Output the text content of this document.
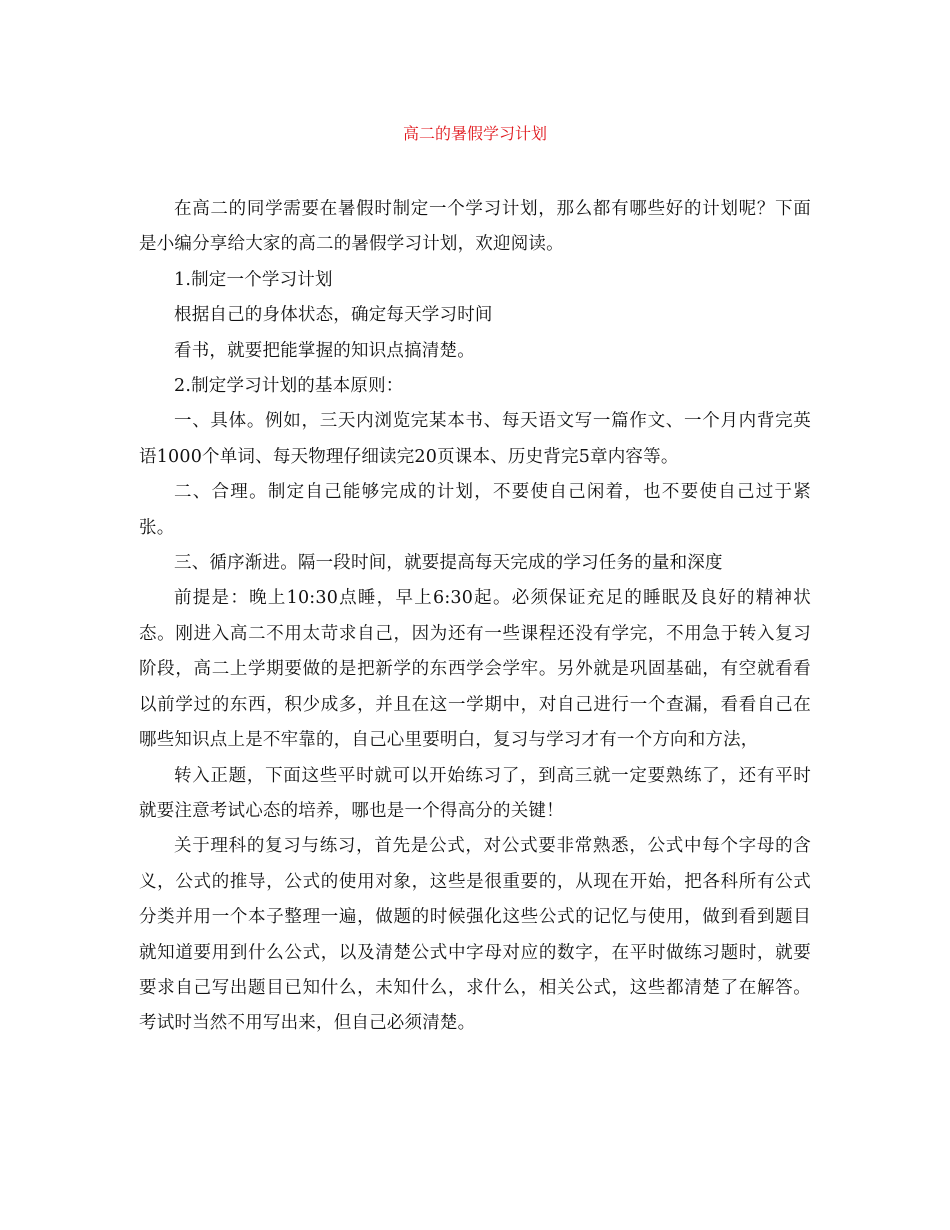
高二的暑假学习计划

在高二的同学需要在暑假时制定一个学习计划，那么都有哪些好的计划呢？下面是小编分享给大家的高二的暑假学习计划，欢迎阅读。

1.制定一个学习计划

根据自己的身体状态，确定每天学习时间

看书，就要把能掌握的知识点搞清楚。

2.制定学习计划的基本原则：

一、具体。例如，三天内浏览完某本书、每天语文写一篇作文、一个月内背完英语1000个单词、每天物理仔细读完20页课本、历史背完5章内容等。

二、合理。制定自己能够完成的计划，不要使自己闲着，也不要使自己过于紧张。

三、循序渐进。隔一段时间，就要提高每天完成的学习任务的量和深度

前提是：晚上10:30点睡，早上6:30起。必须保证充足的睡眠及良好的精神状态。刚进入高二不用太苛求自己，因为还有一些课程还没有学完，不用急于转入复习阶段，高二上学期要做的是把新学的东西学会学牢。另外就是巩固基础，有空就看看以前学过的东西，积少成多，并且在这一学期中，对自己进行一个查漏，看看自己在哪些知识点上是不牢靠的，自己心里要明白，复习与学习才有一个方向和方法，

转入正题，下面这些平时就可以开始练习了，到高三就一定要熟练了，还有平时就要注意考试心态的培养，哪也是一个得高分的关键！

关于理科的复习与练习，首先是公式，对公式要非常熟悉，公式中每个字母的含义，公式的推导，公式的使用对象，这些是很重要的，从现在开始，把各科所有公式分类并用一个本子整理一遍，做题的时候强化这些公式的记忆与使用，做到看到题目就知道要用到什么公式，以及清楚公式中字母对应的数字，在平时做练习题时，就要要求自己写出题目已知什么，未知什么，求什么，相关公式，这些都清楚了在解答。考试时当然不用写出来，但自己必须清楚。
